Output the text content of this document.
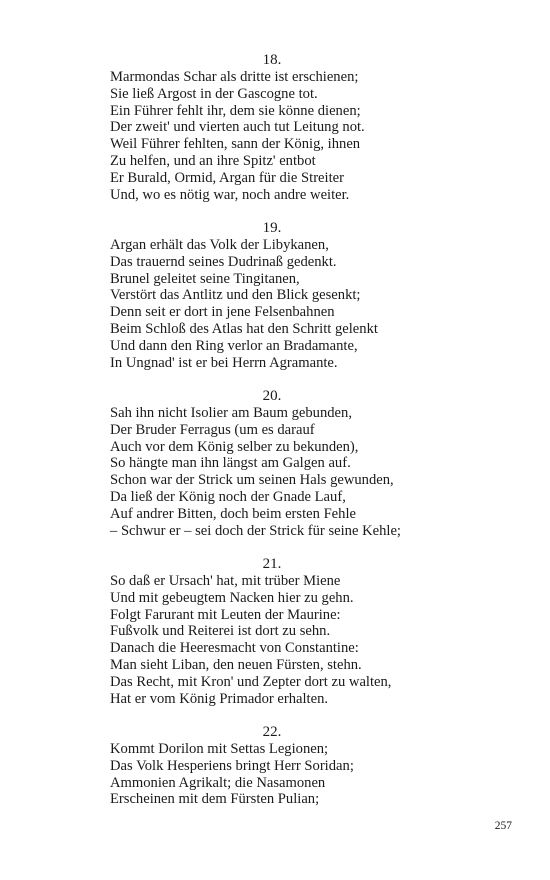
18.
Marmondas Schar als dritte ist erschienen;
Sie ließ Argost in der Gascogne tot.
Ein Führer fehlt ihr, dem sie könne dienen;
Der zweit' und vierten auch tut Leitung not.
Weil Führer fehlten, sann der König, ihnen
Zu helfen, und an ihre Spitz' entbot
Er Burald, Ormid, Argan für die Streiter
Und, wo es nötig war, noch andre weiter.
19.
Argan erhält das Volk der Libykanen,
Das trauernd seines Dudrinaß gedenkt.
Brunel geleitet seine Tingitanen,
Verstört das Antlitz und den Blick gesenkt;
Denn seit er dort in jene Felsenbahnen
Beim Schloß des Atlas hat den Schritt gelenkt
Und dann den Ring verlor an Bradamante,
In Ungnad' ist er bei Herrn Agramante.
20.
Sah ihn nicht Isolier am Baum gebunden,
Der Bruder Ferragus (um es darauf
Auch vor dem König selber zu bekunden),
So hängte man ihn längst am Galgen auf.
Schon war der Strick um seinen Hals gewunden,
Da ließ der König noch der Gnade Lauf,
Auf andrer Bitten, doch beim ersten Fehle
– Schwur er – sei doch der Strick für seine Kehle;
21.
So daß er Ursach' hat, mit trüber Miene
Und mit gebeugtem Nacken hier zu gehn.
Folgt Farurant mit Leuten der Maurine:
Fußvolk und Reiterei ist dort zu sehn.
Danach die Heeresmacht von Constantine:
Man sieht Liban, den neuen Fürsten, stehn.
Das Recht, mit Kron' und Zepter dort zu walten,
Hat er vom König Primador erhalten.
22.
Kommt Dorilon mit Settas Legionen;
Das Volk Hesperiens bringt Herr Soridan;
Ammonien Agrikalt; die Nasamonen
Erscheinen mit dem Fürsten Pulian;
257
